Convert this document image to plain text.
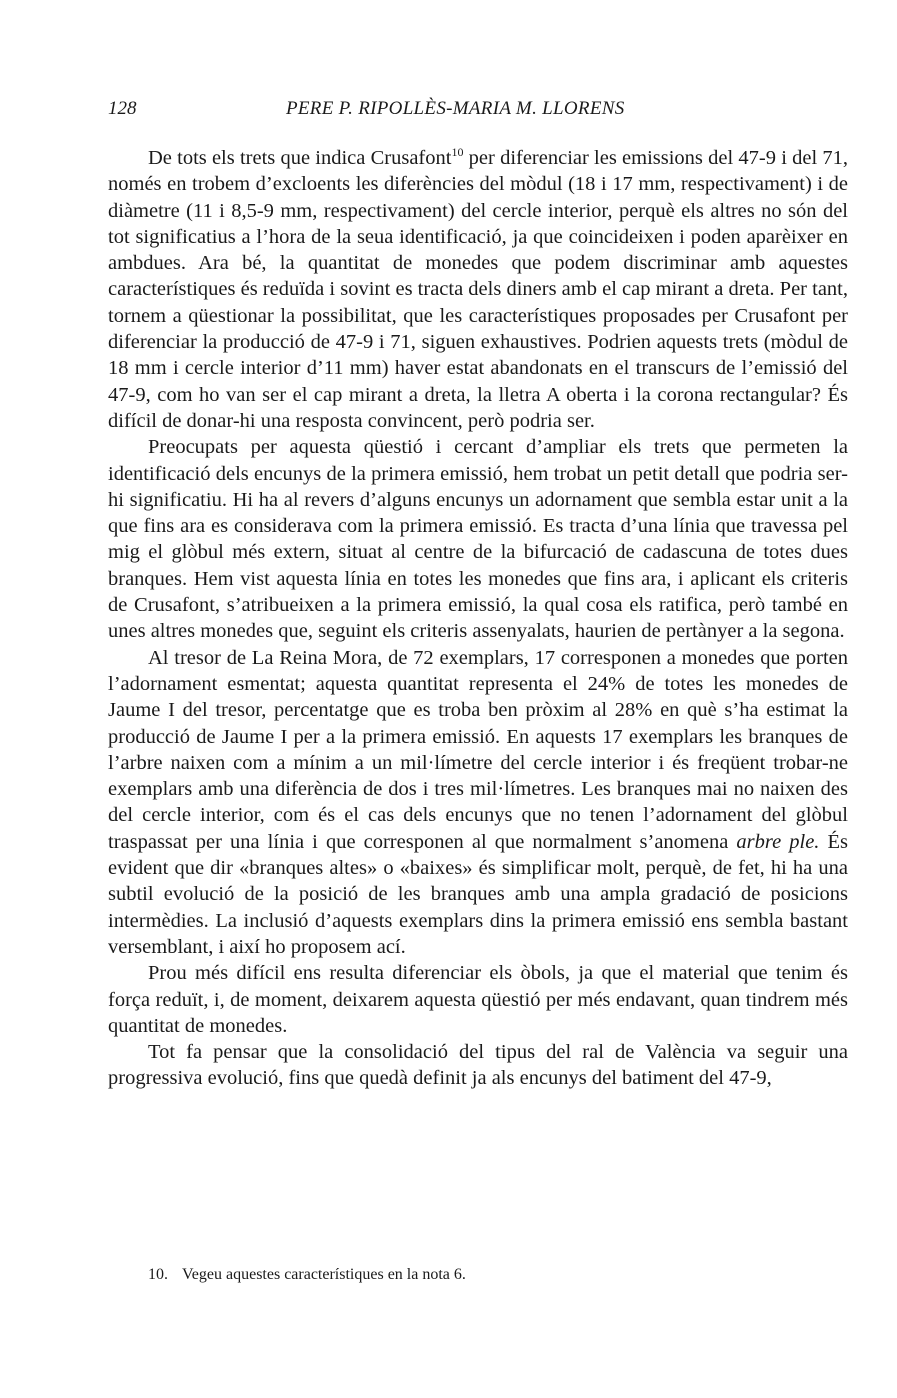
128	PERE P. RIPOLLÈS-MARIA M. LLORENS

De tots els trets que indica Crusafont$^{10}$ per diferenciar les emissions del 47-9 i del 71, només en trobem d’excloents les diferències del mòdul (18 i 17 mm, respectivament) i de diàmetre (11 i 8,5-9 mm, respectivament) del cercle interior, perquè els altres no són del tot significatius a l’hora de la seua identificació, ja que coincideixen i poden aparèixer en ambdues. Ara bé, la quantitat de monedes que podem discriminar amb aquestes característiques és reduïda i sovint es tracta dels diners amb el cap mirant a dreta. Per tant, tornem a qüestionar la possibilitat, que les característiques proposades per Crusafont per diferenciar la producció de 47-9 i 71, siguen exhaustives. Podrien aquests trets (mòdul de 18 mm i cercle interior d’11 mm) haver estat abandonats en el transcurs de l’emissió del 47-9, com ho van ser el cap mirant a dreta, la lletra A oberta i la corona rectangular? És difícil de donar-hi una resposta convincent, però podria ser.

Preocupats per aquesta qüestió i cercant d’ampliar els trets que permeten la identificació dels encunys de la primera emissió, hem trobat un petit detall que podria ser-hi significatiu. Hi ha al revers d’alguns encunys un adornament que sembla estar unit a la que fins ara es considerava com la primera emissió. Es tracta d’una línia que travessa pel mig el glòbul més extern, situat al centre de la bifurcació de cadascuna de totes dues branques. Hem vist aquesta línia en totes les monedes que fins ara, i aplicant els criteris de Crusafont, s’atribueixen a la primera emissió, la qual cosa els ratifica, però també en unes altres monedes que, seguint els criteris assenyalats, haurien de pertànyer a la segona.

Al tresor de La Reina Mora, de 72 exemplars, 17 corresponen a monedes que porten l’adornament esmentat; aquesta quantitat representa el 24% de totes les monedes de Jaume I del tresor, percentatge que es troba ben pròxim al 28% en què s’ha estimat la producció de Jaume I per a la primera emissió. En aquests 17 exemplars les branques de l’arbre naixen com a mínim a un mil·límetre del cercle interior i és freqüent trobar-ne exemplars amb una diferència de dos i tres mil·límetres. Les branques mai no naixen des del cercle interior, com és el cas dels encunys que no tenen l’adornament del glòbul traspassat per una línia i que corresponen al que normalment s’anomena arbre ple. És evident que dir «branques altes» o «baixes» és simplificar molt, perquè, de fet, hi ha una subtil evolució de la posició de les branques amb una ampla gradació de posicions intermèdies. La inclusió d’aquests exemplars dins la primera emissió ens sembla bastant versemblant, i així ho proposem ací.

Prou més difícil ens resulta diferenciar els òbols, ja que el material que tenim és força reduït, i, de moment, deixarem aquesta qüestió per més endavant, quan tindrem més quantitat de monedes.

Tot fa pensar que la consolidació del tipus del ral de València va seguir una progressiva evolució, fins que quedà definit ja als encunys del batiment del 47-9,

10. Vegeu aquestes característiques en la nota 6.
